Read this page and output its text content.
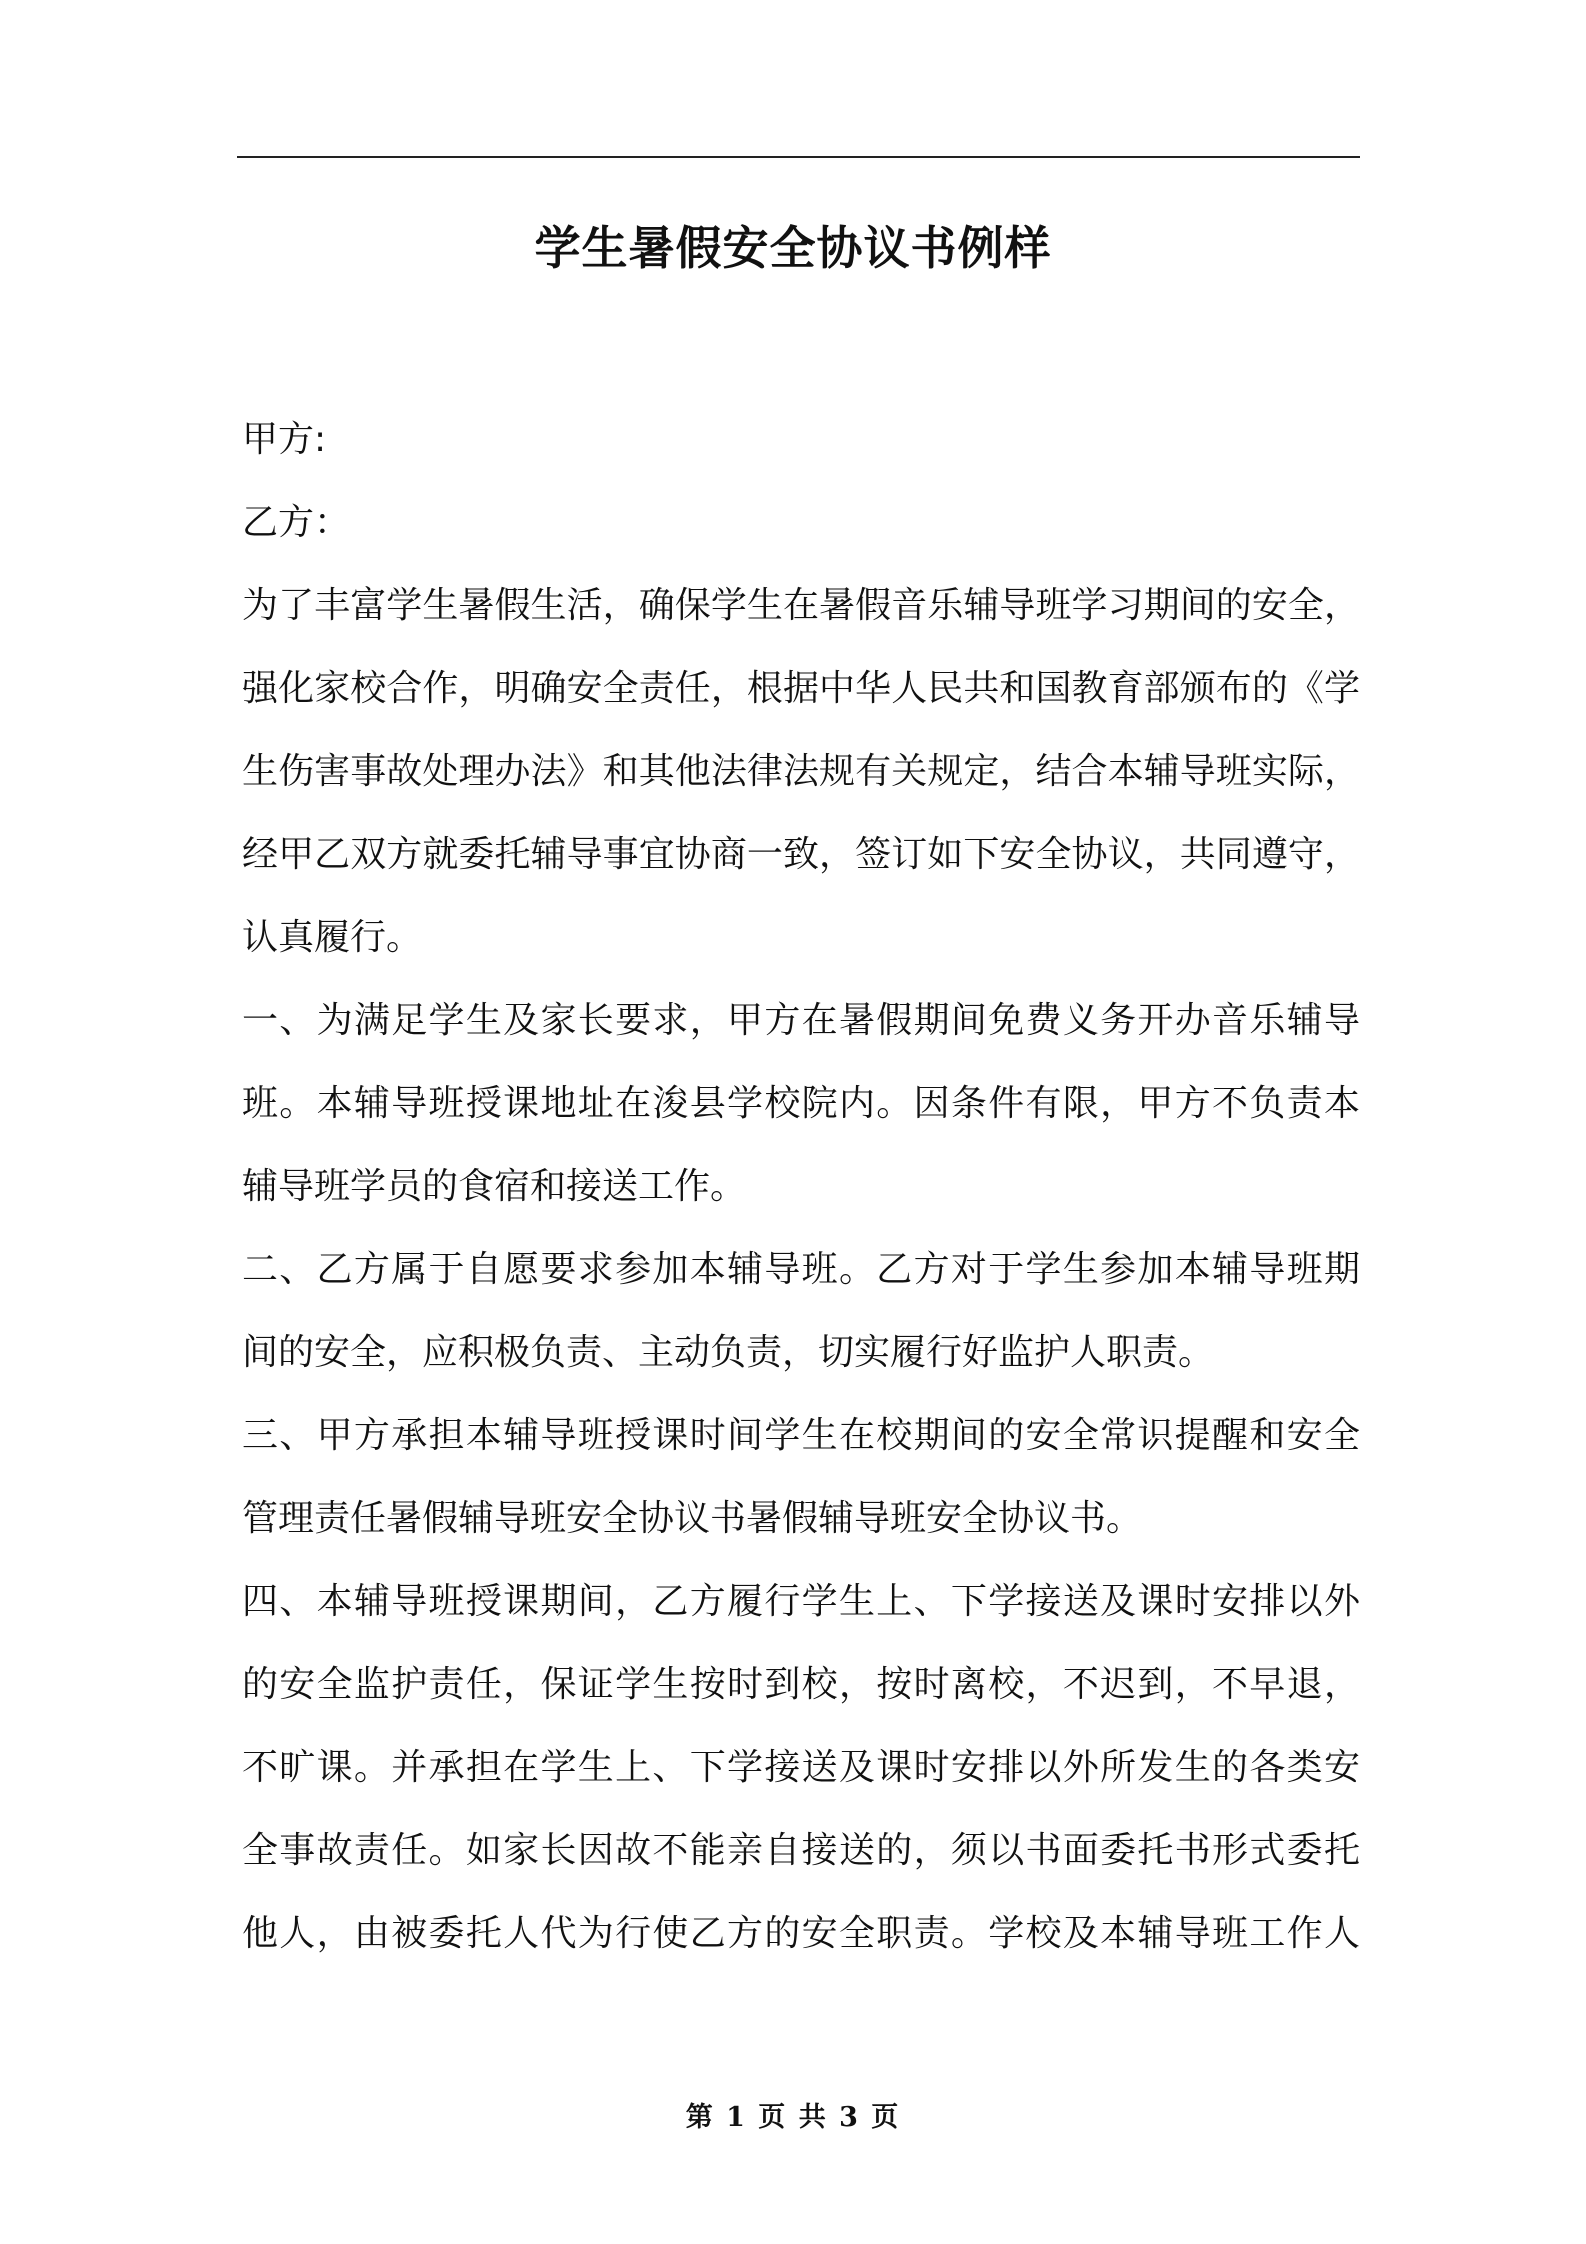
学生暑假安全协议书例样
甲方:
乙方：
为了丰富学生暑假生活，确保学生在暑假音乐辅导班学习期间的安全，
强化家校合作，明确安全责任，根据中华人民共和国教育部颁布的《学
生伤害事故处理办法》和其他法律法规有关规定，结合本辅导班实际，
经甲乙双方就委托辅导事宜协商一致，签订如下安全协议，共同遵守，
认真履行。
一、为满足学生及家长要求，甲方在暑假期间免费义务开办音乐辅导
班。本辅导班授课地址在浚县学校院内。因条件有限，甲方不负责本
辅导班学员的食宿和接送工作。
二、乙方属于自愿要求参加本辅导班。乙方对于学生参加本辅导班期
间的安全，应积极负责、主动负责，切实履行好监护人职责。
三、甲方承担本辅导班授课时间学生在校期间的安全常识提醒和安全
管理责任暑假辅导班安全协议书暑假辅导班安全协议书。
四、本辅导班授课期间，乙方履行学生上、下学接送及课时安排以外
的安全监护责任，保证学生按时到校，按时离校，不迟到，不早退，
不旷课。并承担在学生上、下学接送及课时安排以外所发生的各类安
全事故责任。如家长因故不能亲自接送的，须以书面委托书形式委托
他人，由被委托人代为行使乙方的安全职责。学校及本辅导班工作人
第 1 页 共 3 页
